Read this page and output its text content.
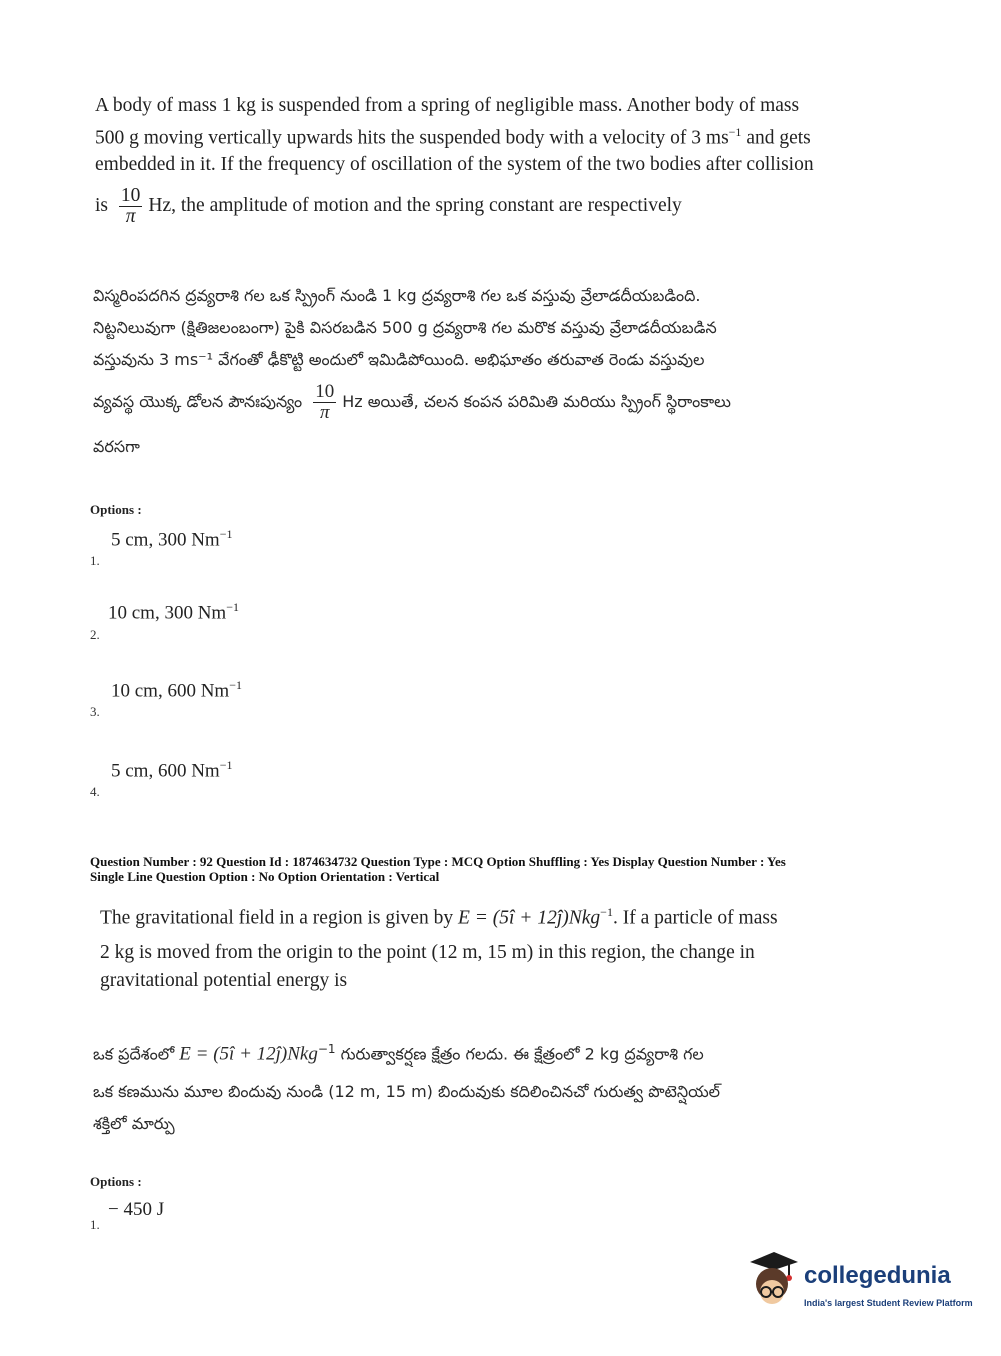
A body of mass 1 kg is suspended from a spring of negligible mass. Another body of mass
500 g moving vertically upwards hits the suspended body with a velocity of 3 $ms^{-1}$ and gets
embedded in it. If the frequency of oscillation of the system of the two bodies after collision
is $\frac{10}{\pi} Hz$, the amplitude of motion and the spring constant are respectively
విస్మరింపదగిన ద్రవ్యరాశి గల ఒక స్ప్రింగ్ నుండి 1 kg ద్రవ్యరాశి గల ఒక వస్తువు వ్రేలాడదీయబడింది.
నిట్టనిలువుగా (క్షితిజలంబంగా) పైకి విసరబడిన 500 g ద్రవ్యరాశి గల మరొక వస్తువు వ్రేలాడదీయబడిన
వస్తువును 3 ms⁻¹ వేగంతో ఢీకొట్టి అందులో ఇమిడిపోయింది. అభిఘాతం తరువాత రెండు వస్తువుల
వ్యవస్థ యొక్క డోలన పౌనఃపున్యం $\frac{10}{\pi}$ Hz అయితే, చలన కంపన పరిమితి మరియు స్ప్రింగ్ స్థిరాంకాలు
వరసగా
Options :
5 cm, 300 $Nm^{-1}$
1.
10 cm, 300 $Nm^{-1}$
2.
10 cm, 600 $Nm^{-1}$
3.
5 cm, 600 $Nm^{-1}$
4.
Question Number : 92 Question Id : 1874634732 Question Type : MCQ Option Shuffling : Yes Display Question Number : Yes
Single Line Question Option : No Option Orientation : Vertical
The gravitational field in a region is given by E = (5î + 12ĵ)Nkg$^{-1}$. If a particle of mass
2 kg is moved from the origin to the point (12 m, 15 m) in this region, the change in
gravitational potential energy is
ఒక ప్రదేశంలో E = (5î + 12ĵ)Nkg$^{-1}$ గురుత్వాకర్షణ క్షేత్రం గలదు. ఈ క్షేత్రంలో 2 kg ద్రవ్యరాశి గల
ఒక కణమును మూల బిందువు నుండి (12 m, 15 m) బిందువుకు కదిలించినచో గురుత్వ పొటెన్షియల్
శక్తిలో మార్పు
Options :
− 450 J
1.
collegedunia
India's largest Student Review Platform
